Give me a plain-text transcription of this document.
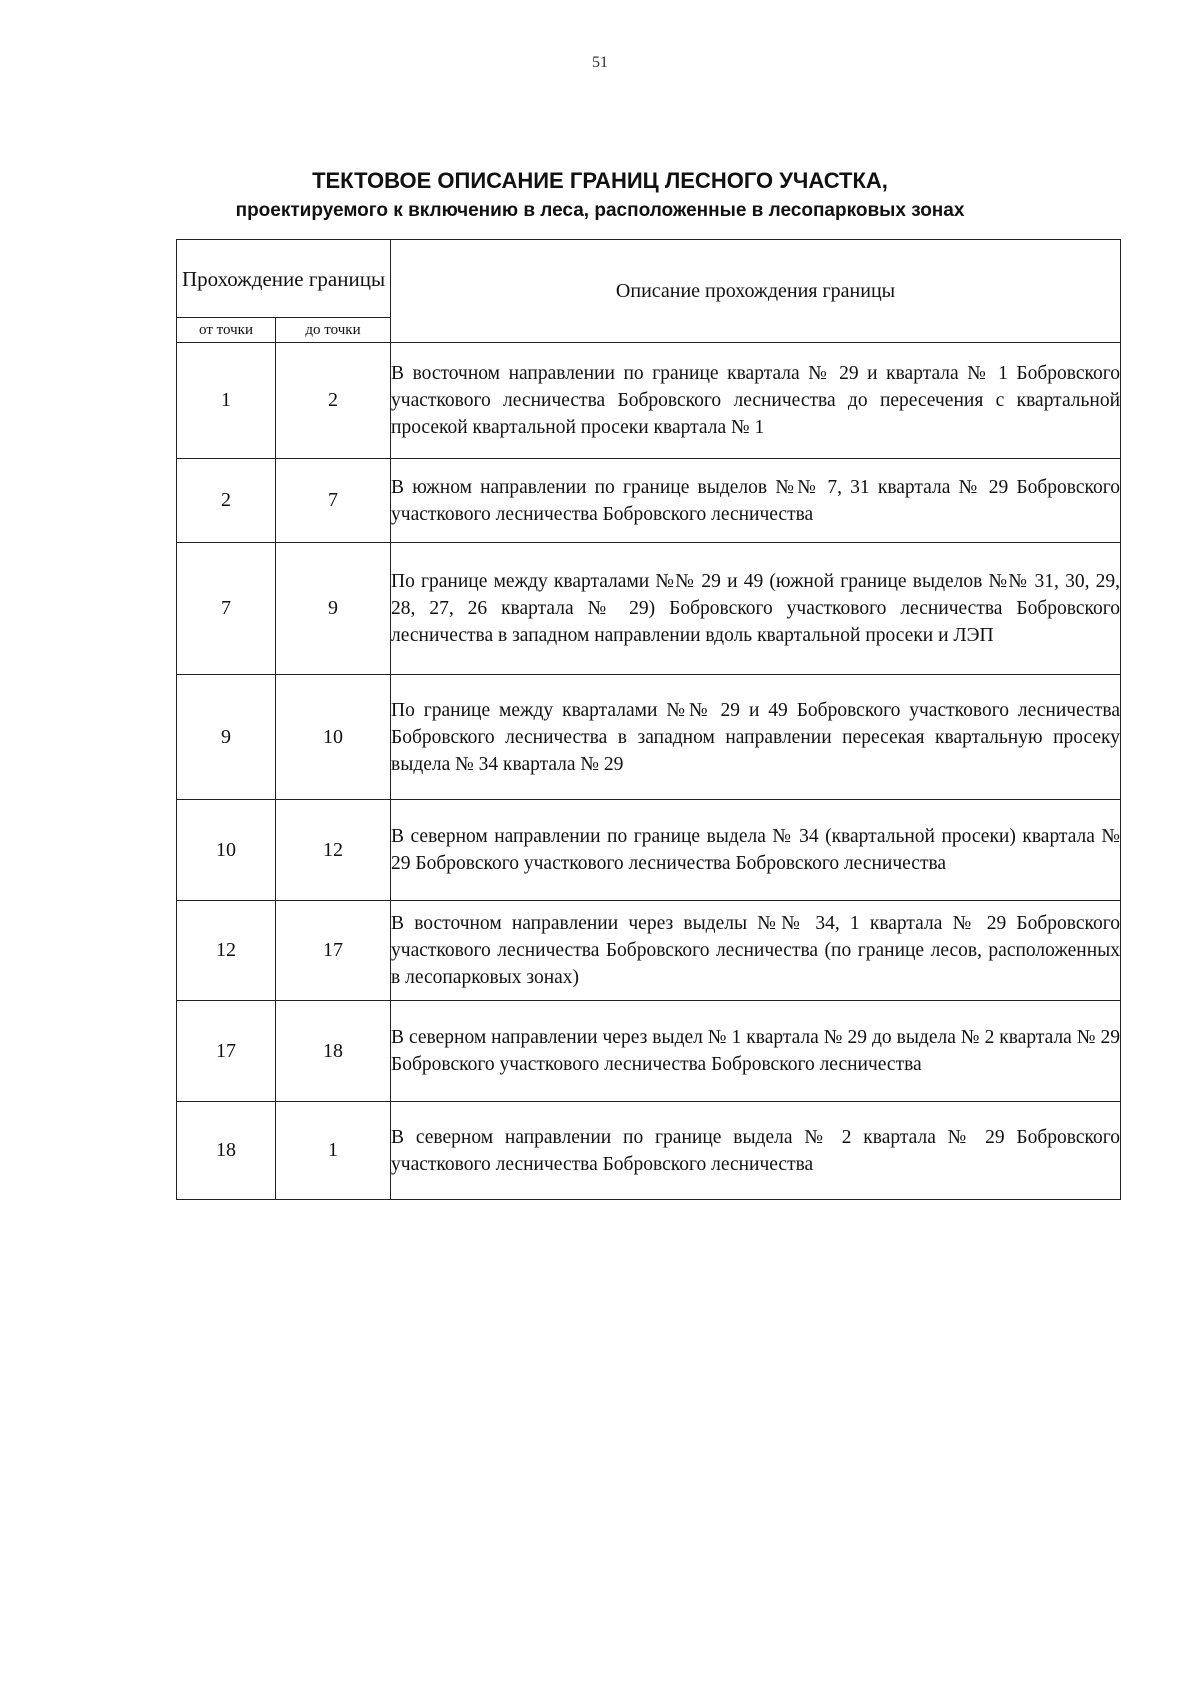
51
ТЕКТОВОЕ ОПИСАНИЕ ГРАНИЦ ЛЕСНОГО УЧАСТКА,
проектируемого к включению в леса, расположенные в лесопарковых зонах
Прохождение границы		Описание прохождения границы
от точки	до точки	
1	2	В восточном направлении по границе квартала № 29 и квартала № 1 Бобровского участкового лесничества Бобровского лесничества до пересечения с квартальной просекой квартальной просеки квартала № 1
2	7	В южном направлении по границе выделов №№ 7, 31 квартала № 29 Бобровского участкового лесничества Бобровского лесничества
7	9	По границе между кварталами №№ 29 и 49 (южной границе выделов №№ 31, 30, 29, 28, 27, 26 квартала № 29) Бобровского участкового лесничества Бобровского лесничества в западном направлении вдоль квартальной просеки и ЛЭП
9	10	По границе между кварталами №№ 29 и 49 Бобровского участкового лесничества Бобровского лесничества в западном направлении пересекая квартальную просеку выдела № 34 квартала № 29
10	12	В северном направлении по границе выдела № 34 (квартальной просеки) квартала № 29 Бобровского участкового лесничества Бобровского лесничества
12	17	В восточном направлении через выделы №№ 34, 1 квартала № 29 Бобровского участкового лесничества Бобровского лесничества (по границе лесов, расположенных в лесопарковых зонах)
17	18	В северном направлении через выдел № 1 квартала № 29 до выдела № 2 квартала № 29 Бобровского участкового лесничества Бобровского лесничества
18	1	В северном направлении по границе выдела № 2 квартала № 29 Бобровского участкового лесничества Бобровского лесничества
